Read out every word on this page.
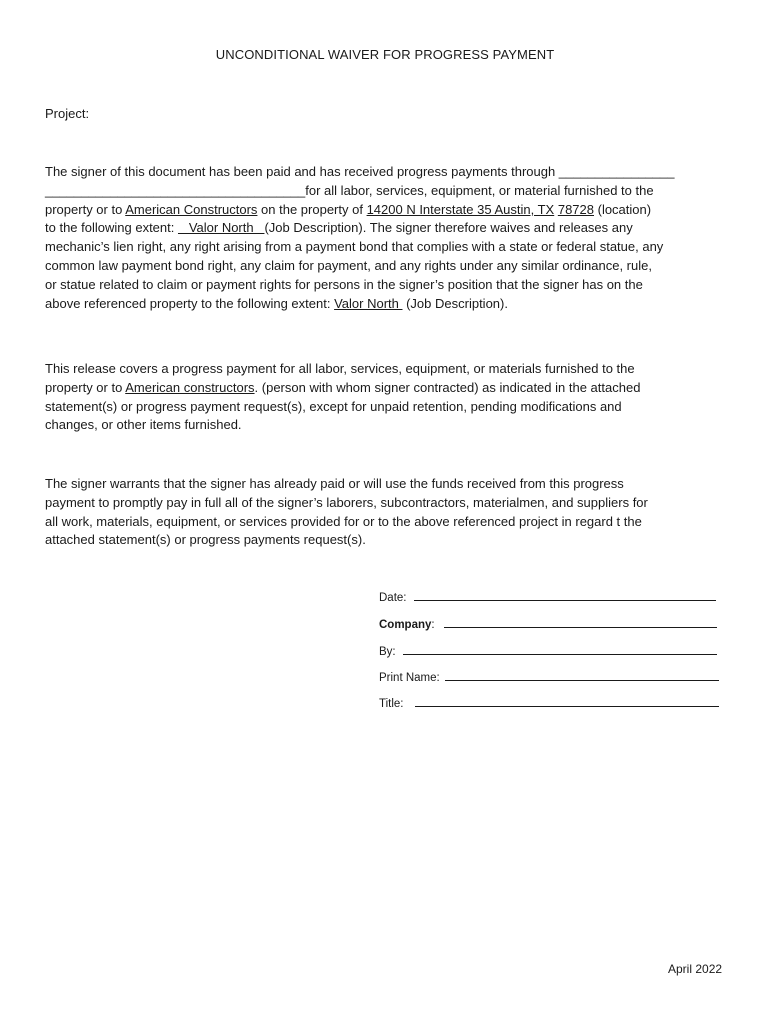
UNCONDITIONAL WAIVER FOR PROGRESS PAYMENT
Project:
The signer of this document has been paid and has received progress payments through ________________
____________________________________for all labor, services, equipment, or material furnished to the
property or to American Constructors on the property of 14200 N Interstate 35 Austin, TX 78728 (location)
to the following extent:    Valor North   (Job Description). The signer therefore waives and releases any
mechanic’s lien right, any right arising from a payment bond that complies with a state or federal statue, any
common law payment bond right, any claim for payment, and any rights under any similar ordinance, rule,
or statue related to claim or payment rights for persons in the signer’s position that the signer has on the
above referenced property to the following extent: Valor North  (Job Description).
This release covers a progress payment for all labor, services, equipment, or materials furnished to the
property or to American constructors. (person with whom signer contracted) as indicated in the attached
statement(s) or progress payment request(s), except for unpaid retention, pending modifications and
changes, or other items furnished.
The signer warrants that the signer has already paid or will use the funds received from this progress
payment to promptly pay in full all of the signer’s laborers, subcontractors, materialmen, and suppliers for
all work, materials, equipment, or services provided for or to the above referenced project in regard t the
attached statement(s) or progress payments request(s).
Date:
Company:
By:
Print Name:
Title:
April 2022
